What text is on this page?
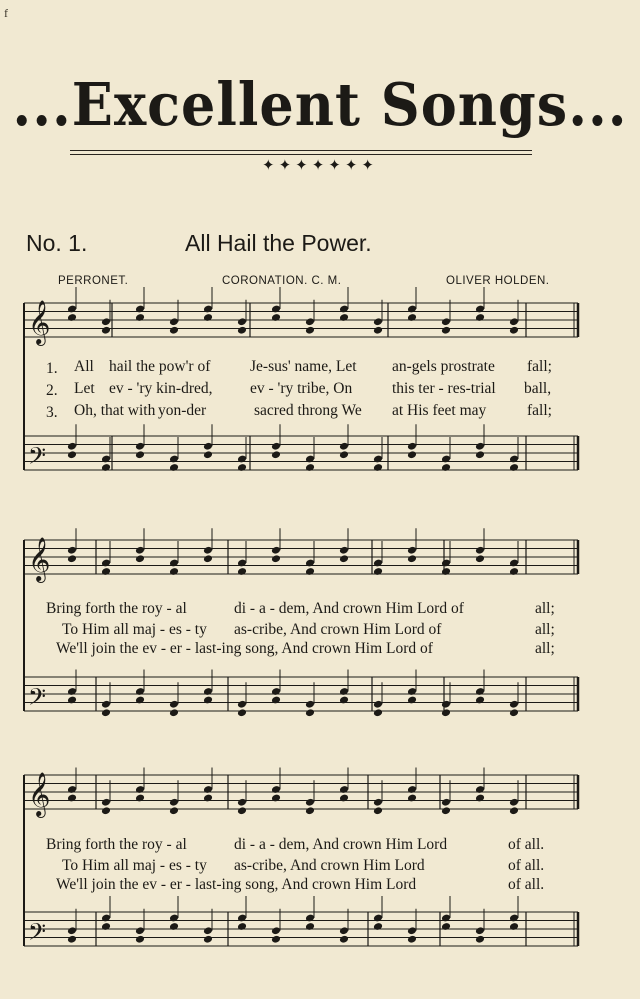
f
...Excellent Songs...
✦✦✦✦✦✦✦
No. 1.	All Hail the Power.
PERRONET.	CORONATION. C. M.	OLIVER HOLDEN.
𝄞
𝄢
𝄞
𝄢
𝄞
𝄢
1. All hail the pow'r of	Je-sus' name, Let an-gels prostrate fall;
2. Let ev - 'ry kin-dred, ev - 'ry tribe, On	this ter - res-trial ball,
3. Oh, that with yon-der	sacred throng We at His feet may	fall;
Bring forth the roy - al	di - a - dem, And crown Him Lord of	all;
To Him all maj - es - ty as-cribe, And crown Him Lord of	all;
We'll join the ev - er - last-ing song, And crown Him Lord of	all;
Bring forth the roy - al	di - a - dem, And crown Him Lord	of all.
To Him all maj - es - ty as-cribe, And crown Him Lord	of all.
We'll join the ev - er - last-ing song, And crown Him Lord	of all.
